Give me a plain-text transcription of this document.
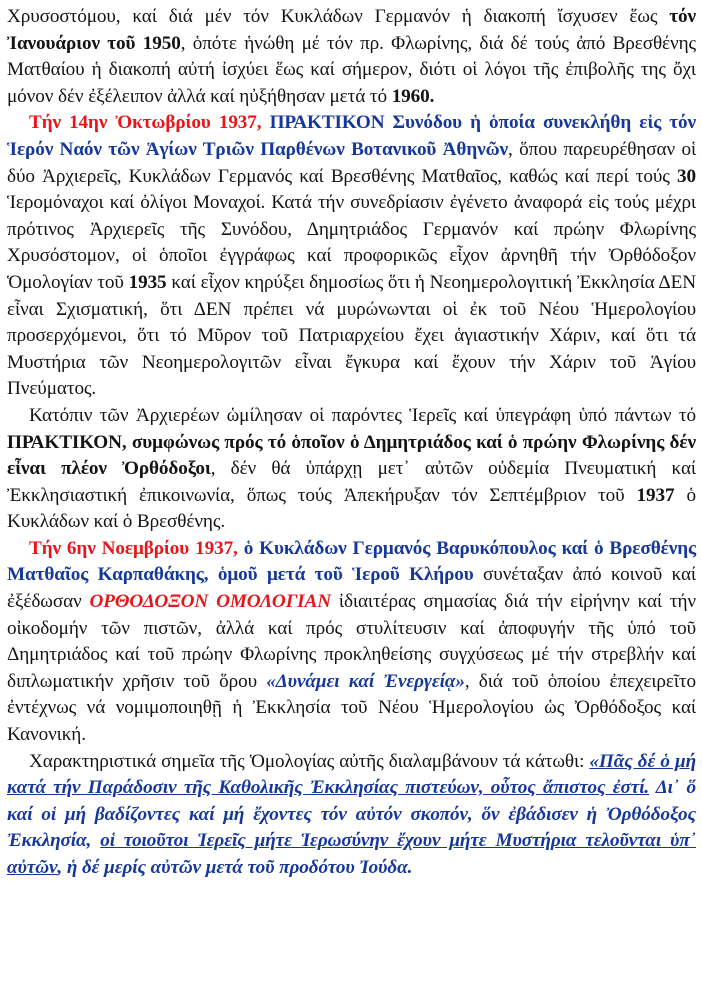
Χρυσοστόμου, καί διά μέν τόν Κυκλάδων Γερμανόν ἡ διακοπή ἴσχυσεν ἕως τόν Ἰανουάριον τοῦ 1950, ὁπότε ἡνώθη μέ τόν πρ. Φλωρίνης, διά δέ τούς ἀπό Βρεσθένης Ματθαίου ἡ διακοπή αὐτή ἰσχύει ἕως καί σήμερον, διότι οἱ λόγοι τῆς ἐπιβολῆς της ὄχι μόνον δέν ἐξέλειπον ἀλλά καί ηὐξήθησαν μετά τό 1960.

Τήν 14ην Ὀκτωβρίου 1937, ΠΡΑΚΤΙΚΟΝ Συνόδου ἡ ὁποία συνεκλήθη εἰς τόν Ἱερόν Ναόν τῶν Ἁγίων Τριῶν Παρθένων Βοτανικοῦ Ἀθηνῶν, ὅπου παρευρέθησαν οἱ δύο Ἀρχιερεῖς, Κυκλάδων Γερμανός καί Βρεσθένης Ματθαῖος, καθώς καί περί τούς 30 Ἱερομόναχοι καί ὀλίγοι Μοναχοί. Κατά τήν συνεδρίασιν ἐγένετο ἀναφορά εἰς τούς μέχρι πρότινος Ἀρχιερεῖς τῆς Συνόδου, Δημητριάδος Γερμανόν καί πρώην Φλωρίνης Χρυσόστομον, οἱ ὁποῖοι ἐγγράφως καί προφορικῶς εἶχον ἀρνηθῆ τήν Ὀρθόδοξον Ὁμολογίαν τοῦ 1935 καί εἶχον κηρύξει δημοσίως ὅτι ἡ Νεοημερολογιτική Ἐκκλησία ΔΕΝ εἶναι Σχισματική, ὅτι ΔΕΝ πρέπει νά μυρώνωνται οἱ ἐκ τοῦ Νέου Ἡμερολογίου προσερχόμενοι, ὅτι τό Μῦρον τοῦ Πατριαρχείου ἔχει ἁγιαστικήν Χάριν, καί ὅτι τά Μυστήρια τῶν Νεοημερολογιτῶν εἶναι ἔγκυρα καί ἔχουν τήν Χάριν τοῦ Ἁγίου Πνεύματος.

Κατόπιν τῶν Ἀρχιερέων ὡμίλησαν οἱ παρόντες Ἱερεῖς καί ὑπεγράφη ὑπό πάντων τό ΠΡΑΚΤΙΚΟΝ, συμφώνως πρός τό ὁποῖον ὁ Δημητριάδος καί ὁ πρώην Φλωρίνης δέν εἶναι πλέον Ὀρθόδοξοι, δέν θά ὑπάρχῃ μετ᾽ αὐτῶν οὐδεμία Πνευματική καί Ἐκκλησιαστική ἐπικοινωνία, ὅπως τούς Ἀπεκήρυξαν τόν Σεπτέμβριον τοῦ 1937 ὁ Κυκλάδων καί ὁ Βρεσθένης.

Τήν 6ην Νοεμβρίου 1937, ὁ Κυκλάδων Γερμανός Βαρυκόπουλος καί ὁ Βρεσθένης Ματθαῖος Καρπαθάκης, ὁμοῦ μετά τοῦ Ἱεροῦ Κλήρου συνέταξαν ἀπό κοινοῦ καί ἐξέδωσαν ΟΡΘΟΔΟΞΟΝ ΟΜΟΛΟΓΙΑΝ ἰδιαιτέρας σημασίας διά τήν εἰρήνην καί τήν οἰκοδομήν τῶν πιστῶν, ἀλλά καί πρός στυλίτευσιν καί ἀποφυγήν τῆς ὑπό τοῦ Δημητριάδος καί τοῦ πρώην Φλωρίνης προκληθείσης συγχύσεως μέ τήν στρεβλήν καί διπλωματικήν χρῆσιν τοῦ ὅρου «Δυνάμει καί Ἐνεργείᾳ», διά τοῦ ὁποίου ἐπεχειρεῖτο ἐντέχνως νά νομιμοποιηθῇ ἡ Ἐκκλησία τοῦ Νέου Ἡμερολογίου ὡς Ὀρθόδοξος καί Κανονική.

Χαρακτηριστικά σημεῖα τῆς Ὁμολογίας αὐτῆς διαλαμβάνουν τά κάτωθι: «Πᾶς δέ ὁ μή κατά τήν Παράδοσιν τῆς Καθολικῆς Ἐκκλησίας πιστεύων, οὗτος ἄπιστος ἐστί. Δι᾽ ὅ καί οἱ μή βαδίζοντες καί μή ἔχοντες τόν αὐτόν σκοπόν, ὅν ἐβάδισεν ἡ Ὀρθόδοξος Ἐκκλησία, οἱ τοιοῦτοι Ἱερεῖς μήτε Ἱερωσύνην ἔχουν μήτε Μυστήρια τελοῦνται ὑπ᾽ αὐτῶν, ἡ δέ μερίς αὐτῶν μετά τοῦ προδότου Ἰούδα.
